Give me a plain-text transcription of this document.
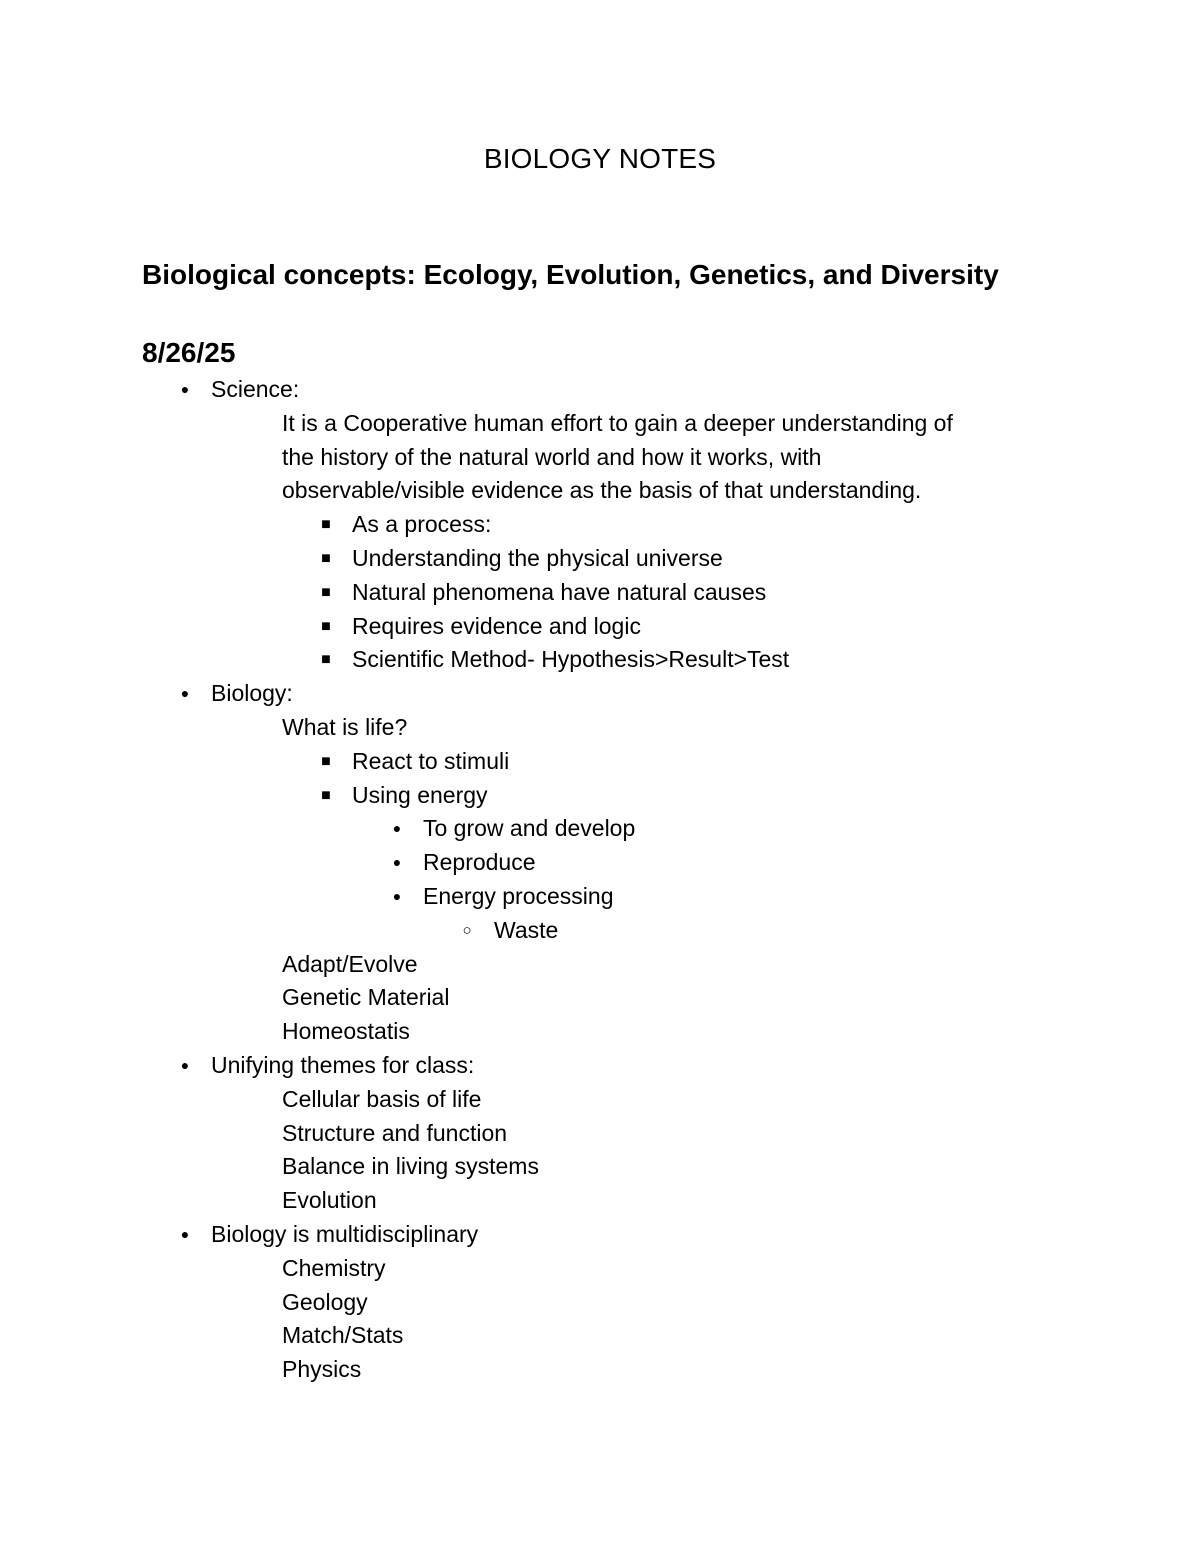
BIOLOGY NOTES
Biological concepts: Ecology, Evolution, Genetics, and Diversity
8/26/25
● Science:
It is a Cooperative human effort to gain a deeper understanding of
the history of the natural world and how it works, with
observable/visible evidence as the basis of that understanding.
■ As a process:
■ Understanding the physical universe
■ Natural phenomena have natural causes
■ Requires evidence and logic
■ Scientific Method- Hypothesis>Result>Test
● Biology:
What is life?
■ React to stimuli
■ Using energy
● To grow and develop
● Reproduce
● Energy processing
○ Waste
Adapt/Evolve
Genetic Material
Homeostatis
● Unifying themes for class:
Cellular basis of life
Structure and function
Balance in living systems
Evolution
● Biology is multidisciplinary
Chemistry
Geology
Match/Stats
Physics
